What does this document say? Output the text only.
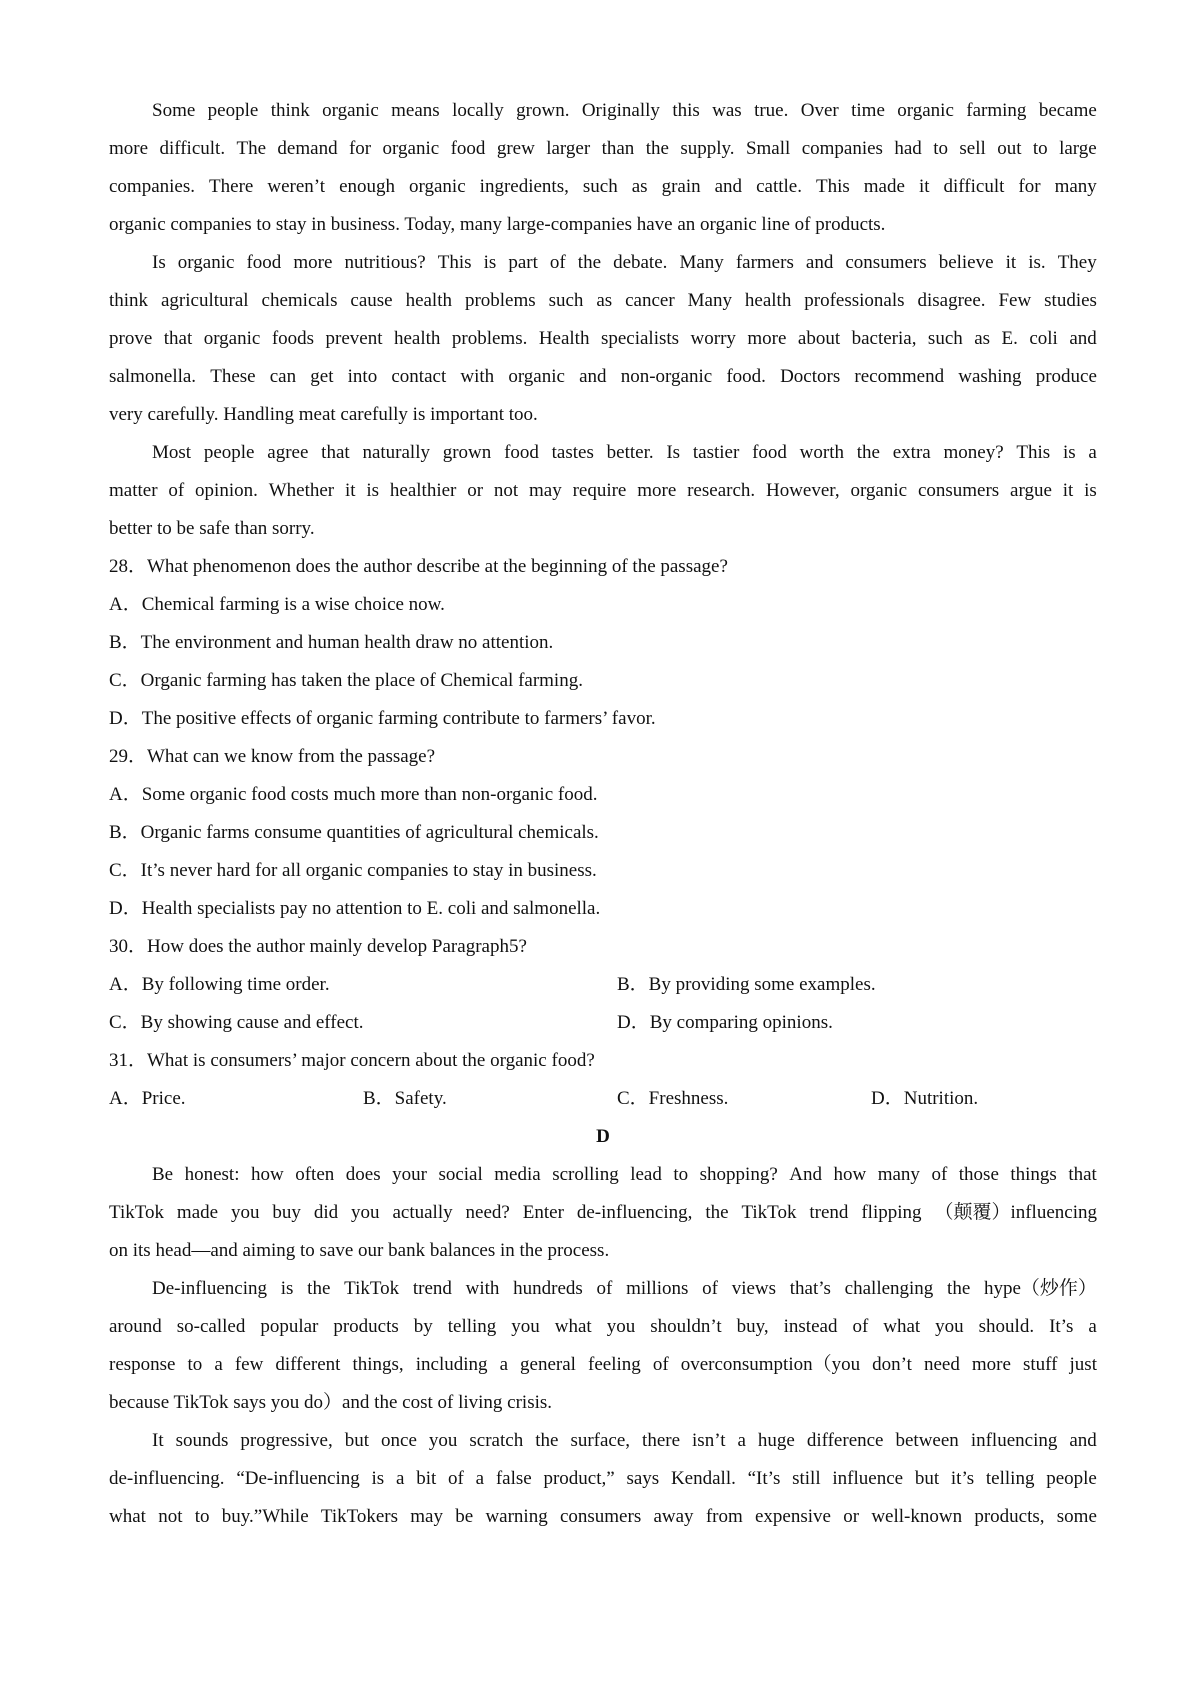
Some people think organic means locally grown. Originally this was true. Over time organic farming became
more difficult. The demand for organic food grew larger than the supply. Small companies had to sell out to large
companies. There weren’t enough organic ingredients, such as grain and cattle. This made it difficult for many
organic companies to stay in business. Today, many large-companies have an organic line of products.
Is organic food more nutritious? This is part of the debate. Many farmers and consumers believe it is. They
think agricultural chemicals cause health problems such as cancer Many health professionals disagree. Few studies
prove that organic foods prevent health problems. Health specialists worry more about bacteria, such as E. coli and
salmonella. These can get into contact with organic and non-organic food. Doctors recommend washing produce
very carefully. Handling meat carefully is important too.
Most people agree that naturally grown food tastes better. Is tastier food worth the extra money? This is a
matter of opinion. Whether it is healthier or not may require more research. However, organic consumers argue it is
better to be safe than sorry.
28．What phenomenon does the author describe at the beginning of the passage?
A．Chemical farming is a wise choice now.
B．The environment and human health draw no attention.
C．Organic farming has taken the place of Chemical farming.
D．The positive effects of organic farming contribute to farmers’ favor.
29．What can we know from the passage?
A．Some organic food costs much more than non-organic food.
B．Organic farms consume quantities of agricultural chemicals.
C．It’s never hard for all organic companies to stay in business.
D．Health specialists pay no attention to E. coli and salmonella.
30．How does the author mainly develop Paragraph5?
A．By following time order.	B．By providing some examples.
C．By showing cause and effect.	D．By comparing opinions.
31．What is consumers’ major concern about the organic food?
A．Price.	B．Safety.	C．Freshness.	D．Nutrition.
D
Be honest: how often does your social media scrolling lead to shopping? And how many of those things that
TikTok made you buy did you actually need? Enter de-influencing, the TikTok trend flipping （颠覆）influencing
on its head—and aiming to save our bank balances in the process.
De-influencing is the TikTok trend with hundreds of millions of views that’s challenging the hype（炒作）
around so-called popular products by telling you what you shouldn’t buy, instead of what you should. It’s a
response to a few different things, including a general feeling of overconsumption（you don’t need more stuff just
because TikTok says you do）and the cost of living crisis.
It sounds progressive, but once you scratch the surface, there isn’t a huge difference between influencing and
de-influencing. “De-influencing is a bit of a false product,” says Kendall. “It’s still influence but it’s telling people
what not to buy.”While TikTokers may be warning consumers away from expensive or well-known products, some
